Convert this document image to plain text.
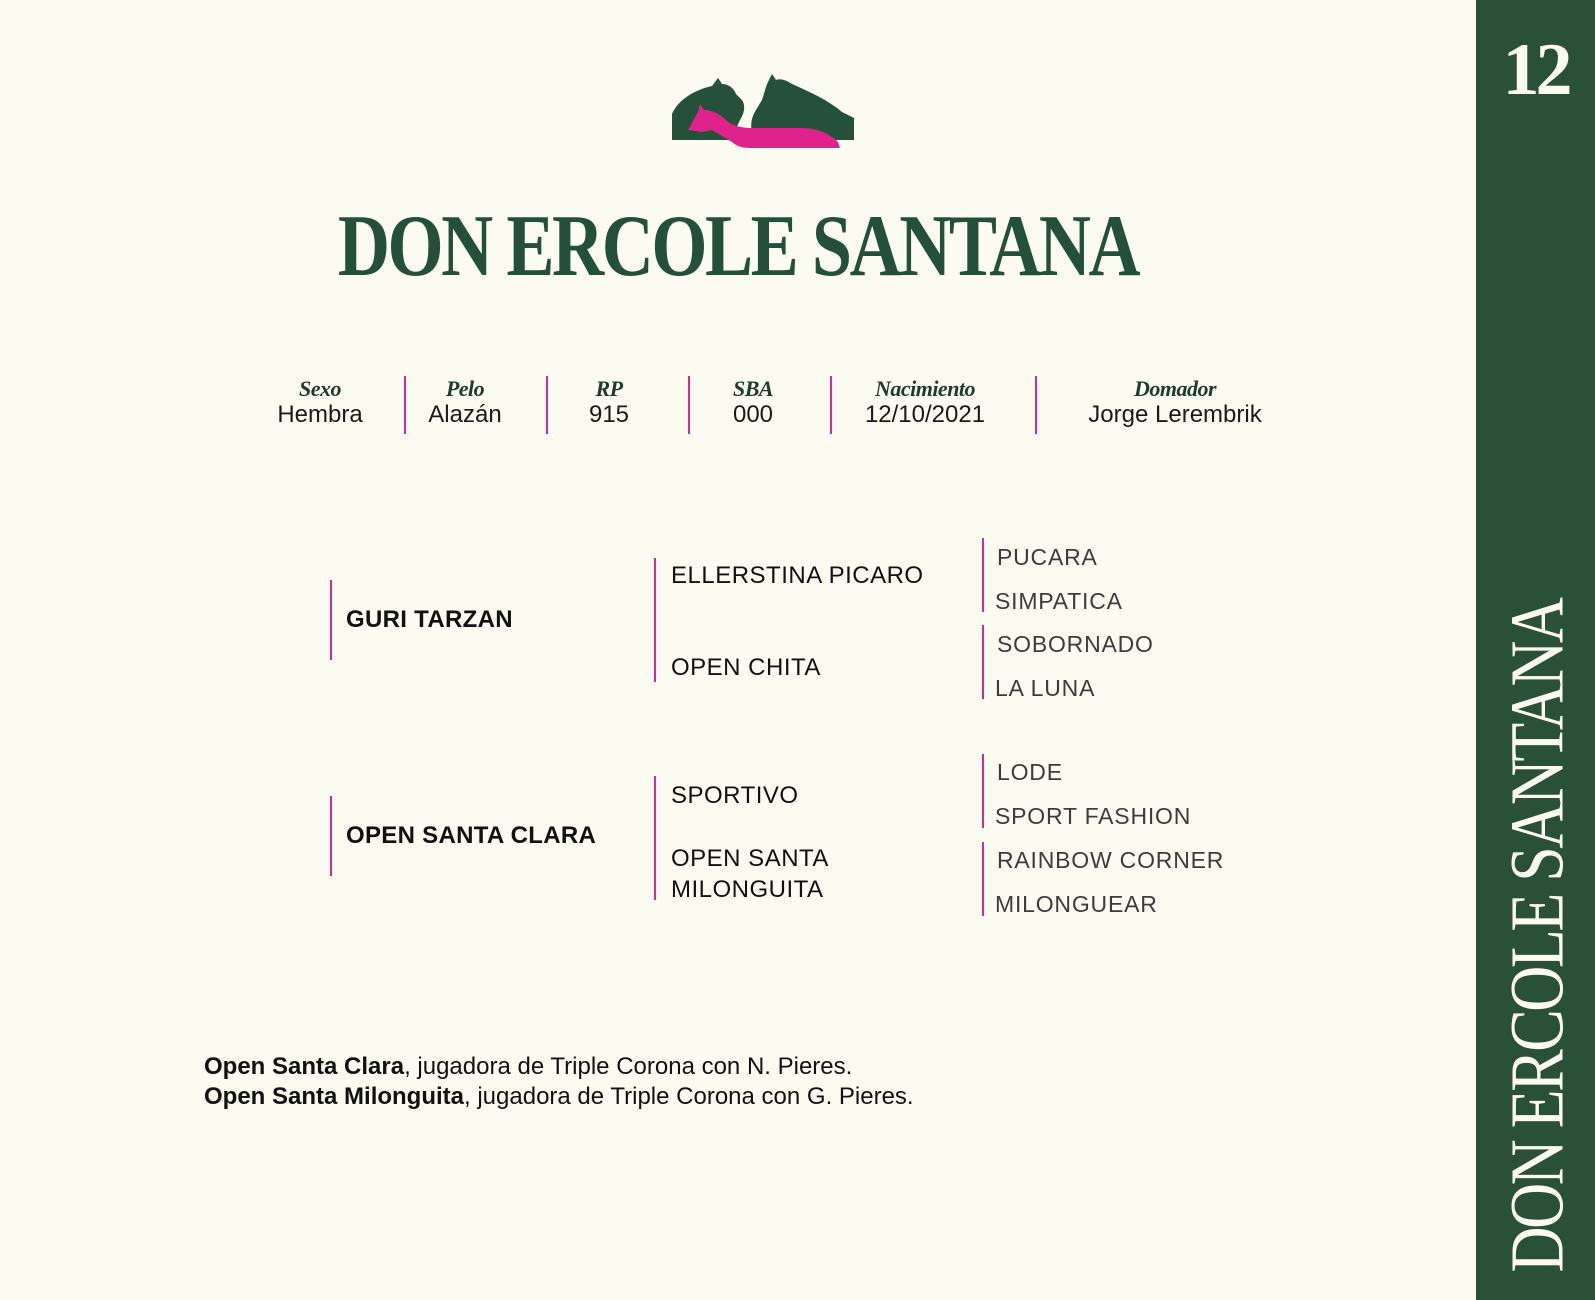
DON ERCOLE SANTANA
Sexo
Hembra
Pelo
Alazán
RP
915
SBA
000
Nacimiento
12/10/2021
Domador
Jorge Lerembrik
GURI TARZAN
OPEN SANTA CLARA
ELLERSTINA PICARO
OPEN CHITA
SPORTIVO
OPEN SANTA
MILONGUITA
PUCARA
SIMPATICA
SOBORNADO
LA LUNA
LODE
SPORT FASHION
RAINBOW CORNER
MILONGUEAR
Open Santa Clara, jugadora de Triple Corona con N. Pieres.
Open Santa Milonguita, jugadora de Triple Corona con G. Pieres.
12
DON ERCOLE SANTANA
